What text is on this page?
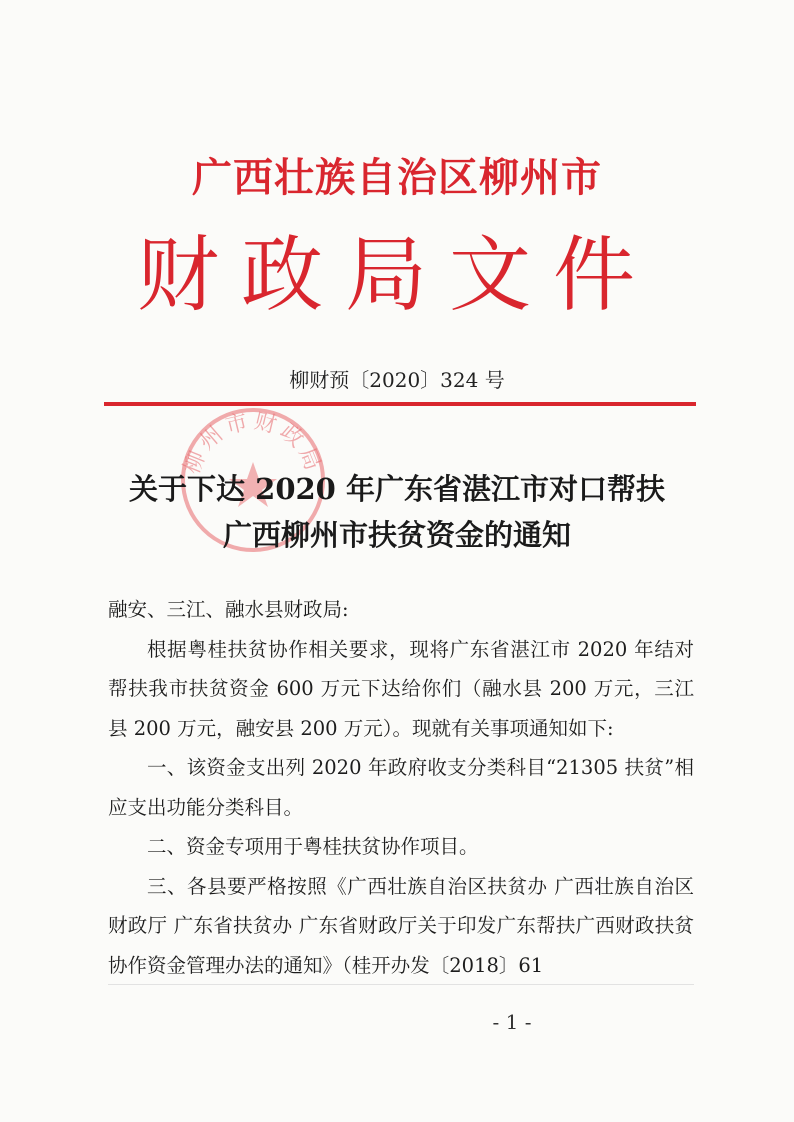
广西壮族自治区柳州市
财政局文件
柳财预〔2020〕324 号
柳州市财政局
关于下达 2020 年广东省湛江市对口帮扶
广西柳州市扶贫资金的通知

融安、三江、融水县财政局:

根据粤桂扶贫协作相关要求，现将广东省湛江市 2020 年结对帮扶我市扶贫资金 600 万元下达给你们（融水县 200 万元，三江县 200 万元，融安县 200 万元）。现就有关事项通知如下:

一、该资金支出列 2020 年政府收支分类科目“21305 扶贫”相应支出功能分类科目。

二、资金专项用于粤桂扶贫协作项目。

三、各县要严格按照《广西壮族自治区扶贫办 广西壮族自治区财政厅 广东省扶贫办 广东省财政厅关于印发广东帮扶广西财政扶贫协作资金管理办法的通知》（桂开办发〔2018〕61

- 1 -
